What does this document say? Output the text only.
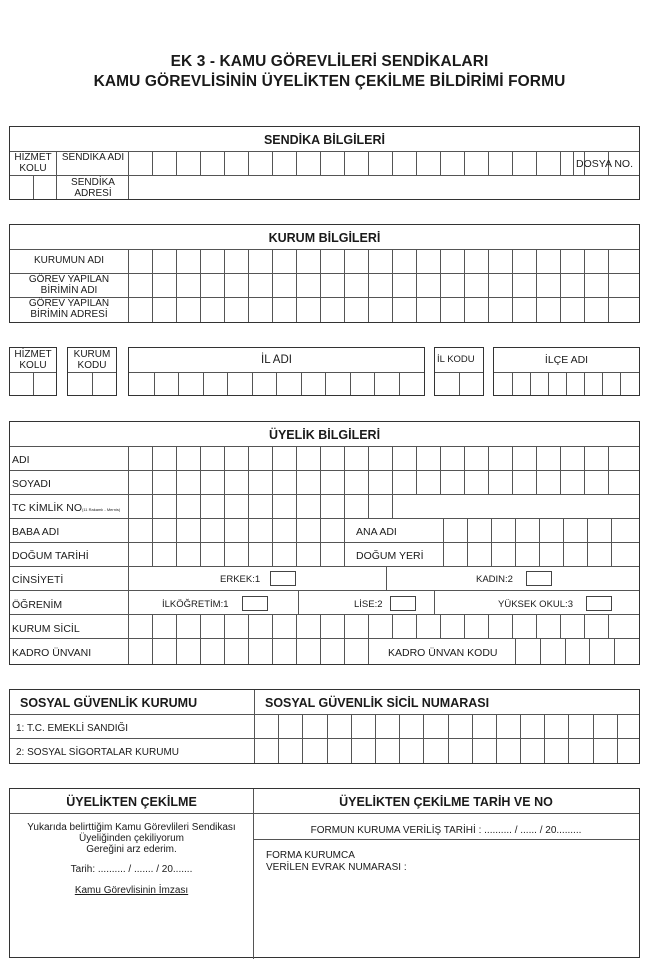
EK 3 - KAMU GÖREVLİLERİ SENDİKALARI
KAMU GÖREVLİSİNİN ÜYELİKTEN ÇEKİLME BİLDİRİMİ FORMU
SENDİKA BİLGİLERİ
HİZMET KOLU
SENDİKA ADI
SENDİKA ADRESİ
DOSYA NO.
KURUM BİLGİLERİ
KURUMUN ADI
GÖREV YAPILAN BİRİMİN ADI
GÖREV YAPILAN BİRİMİN ADRESİ
HİZMET KOLU
KURUM KODU	İL ADI	İL KODU	İLÇE ADI
ÜYELİK BİLGİLERİ
ADI
SOYADI
TC KİMLİK NO(11 Rakamlı - Mernis)
BABA ADI	ANA ADI
DOĞUM TARİHİ	DOĞUM YERİ
CİNSİYETİ	ERKEK:1	KADIN:2
ÖĞRENİM	İLKÖĞRETİM:1	LİSE:2	YÜKSEK OKUL:3
KURUM SİCİL
KADRO ÜNVANI	KADRO ÜNVAN KODU
SOSYAL GÜVENLİK KURUMU	SOSYAL GÜVENLİK SİCİL NUMARASI
1: T.C. EMEKLİ SANDIĞI
2: SOSYAL SİGORTALAR KURUMU
ÜYELİKTEN ÇEKİLME	ÜYELİKTEN ÇEKİLME TARİH VE NO
Yukarıda belirttiğim Kamu Görevlileri Sendikası
Üyeliğinden çekiliyorum
Gereğini arz ederim.
Tarih: .......... / ....... / 20.......
Kamu Görevlisinin İmzası
FORMUN KURUMA VERİLİŞ TARİHİ : .......... / ...... / 20.........
FORMA KURUMCA
VERİLEN EVRAK NUMARASI :
